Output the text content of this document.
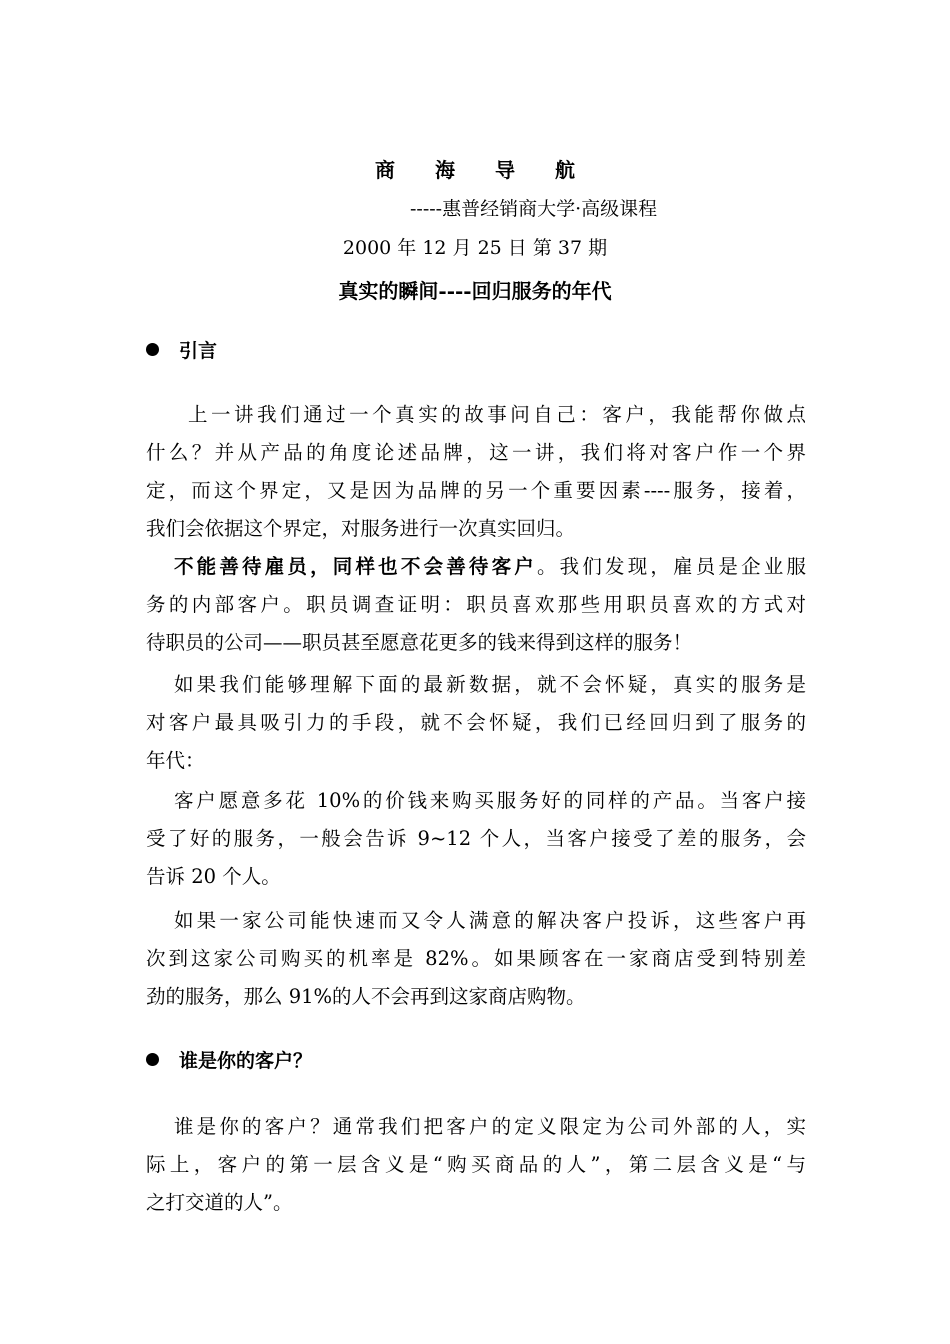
商　　海　　导　　航
-----惠普经销商大学·高级课程
2000 年 12 月 25 日 第 37 期
真实的瞬间----回归服务的年代
引言
　上一讲我们通过一个真实的故事问自己：客户，我能帮你做点
什么？并从产品的角度论述品牌，这一讲，我们将对客户作一个界
定，而这个界定，又是因为品牌的另一个重要因素----服务，接着，
我们会依据这个界定，对服务进行一次真实回归。
不能善待雇员，同样也不会善待客户。我们发现，雇员是企业服
务的内部客户。职员调查证明：职员喜欢那些用职员喜欢的方式对
待职员的公司——职员甚至愿意花更多的钱来得到这样的服务！
如果我们能够理解下面的最新数据，就不会怀疑，真实的服务是
对客户最具吸引力的手段，就不会怀疑，我们已经回归到了服务的
年代：
客户愿意多花 10%的价钱来购买服务好的同样的产品。当客户接
受了好的服务，一般会告诉 9~12 个人，当客户接受了差的服务，会
告诉 20 个人。
如果一家公司能快速而又令人满意的解决客户投诉，这些客户再
次到这家公司购买的机率是 82%。如果顾客在一家商店受到特别差
劲的服务，那么 91%的人不会再到这家商店购物。
谁是你的客户？
谁是你的客户？通常我们把客户的定义限定为公司外部的人，实
际上，客户的第一层含义是“购买商品的人”，第二层含义是“与
之打交道的人”。
